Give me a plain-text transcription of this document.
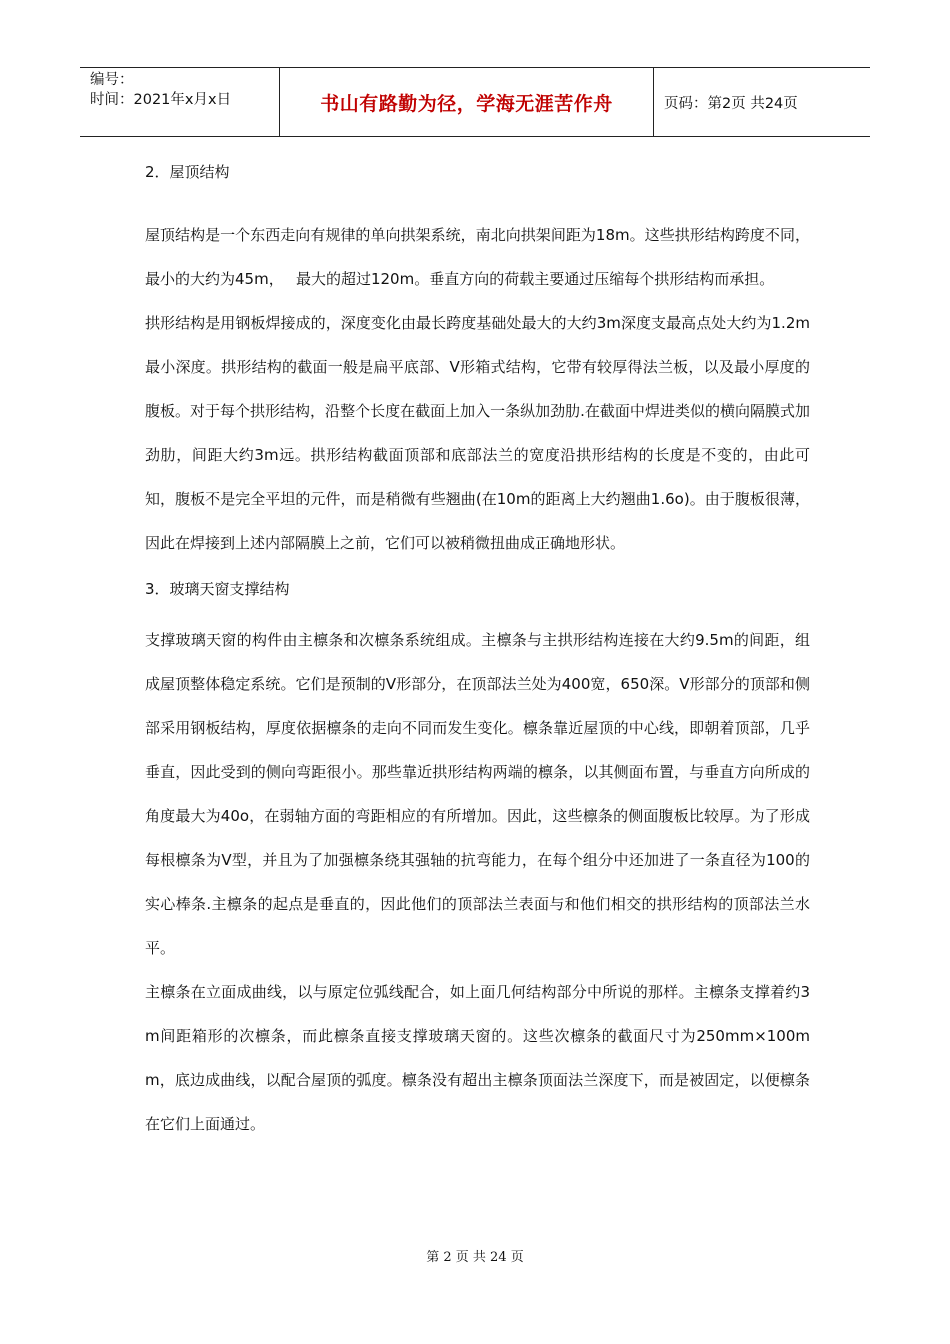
编号：
时间：2021年x月x日	书山有路勤为径，学海无涯苦作舟	页码：第2页 共24页

2．屋顶结构

屋顶结构是一个东西走向有规律的单向拱架系统，南北向拱架间距为18m。这些拱形结构跨度不同，最小的大约为45m，　 最大的超过120m。垂直方向的荷载主要通过压缩每个拱形结构而承担。

拱形结构是用钢板焊接成的，深度变化由最长跨度基础处最大的大约3m深度支最高点处大约为1.2m最小深度。拱形结构的截面一般是扁平底部、V形箱式结构，它带有较厚得法兰板，以及最小厚度的腹板。对于每个拱形结构，沿整个长度在截面上加入一条纵加劲肋.在截面中焊进类似的横向隔膜式加劲肋，间距大约3m远。拱形结构截面顶部和底部法兰的宽度沿拱形结构的长度是不变的，由此可知，腹板不是完全平坦的元件，而是稍微有些翘曲(在10m的距离上大约翘曲1.6o)。由于腹板很薄，因此在焊接到上述内部隔膜上之前，它们可以被稍微扭曲成正确地形状。

3．玻璃天窗支撑结构

支撑玻璃天窗的构件由主檩条和次檩条系统组成。主檩条与主拱形结构连接在大约9.5m的间距，组成屋顶整体稳定系统。它们是预制的V形部分，在顶部法兰处为400宽，650深。V形部分的顶部和侧部采用钢板结构，厚度依据檩条的走向不同而发生变化。檩条靠近屋顶的中心线，即朝着顶部，几乎垂直，因此受到的侧向弯距很小。那些靠近拱形结构两端的檩条，以其侧面布置，与垂直方向所成的角度最大为40o，在弱轴方面的弯距相应的有所增加。因此，这些檩条的侧面腹板比较厚。为了形成每根檩条为V型，并且为了加强檩条绕其强轴的抗弯能力，在每个组分中还加进了一条直径为100的实心棒条.主檩条的起点是垂直的，因此他们的顶部法兰表面与和他们相交的拱形结构的顶部法兰水平。

主檩条在立面成曲线，以与原定位弧线配合，如上面几何结构部分中所说的那样。主檩条支撑着约3m间距箱形的次檩条，而此檩条直接支撑玻璃天窗的。这些次檩条的截面尺寸为250mm×100mm，底边成曲线，以配合屋顶的弧度。檩条没有超出主檩条顶面法兰深度下，而是被固定，以便檩条在它们上面通过。

第 2 页 共 24 页
